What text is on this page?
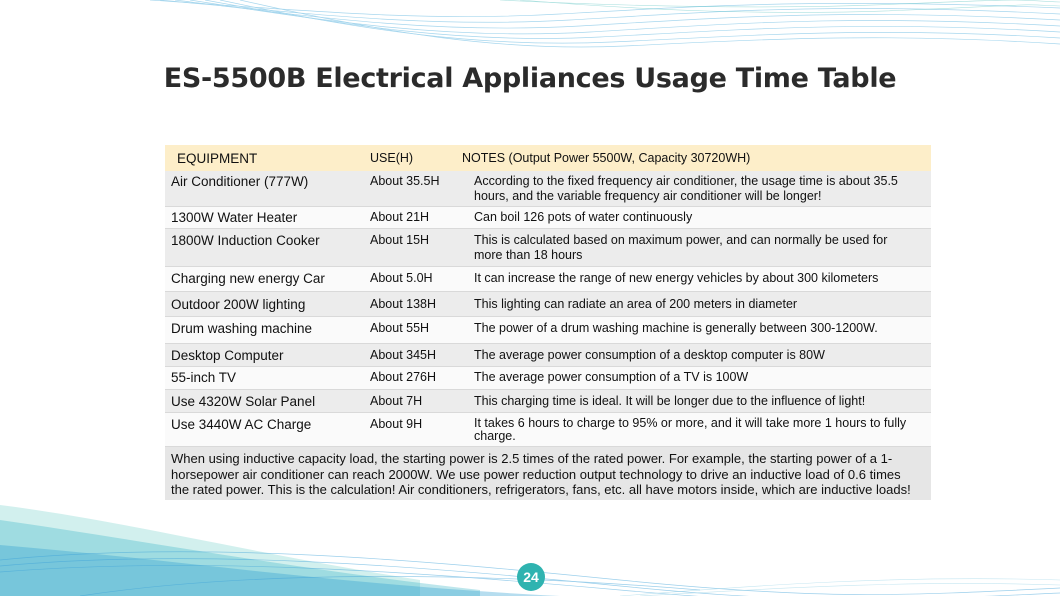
ES-5500B Electrical Appliances Usage Time Table
EQUIPMENT	USE(H)	NOTES (Output Power 5500W, Capacity 30720WH)
Air Conditioner (777W)	About 35.5H	According to the fixed frequency air conditioner, the usage time is about 35.5 hours, and the variable frequency air conditioner will be longer!
1300W Water Heater	About 21H	Can boil 126 pots of water continuously
1800W Induction Cooker	About 15H	This is calculated based on maximum power, and can normally be used for more than 18 hours
Charging new energy Car	About 5.0H	It can increase the range of new energy vehicles by about 300 kilometers
Outdoor 200W lighting	About 138H	This lighting can radiate an area of 200 meters in diameter
Drum washing machine	About 55H	The power of a drum washing machine is generally between 300-1200W.
Desktop Computer	About 345H	The average power consumption of a desktop computer is 80W
55-inch TV	About 276H	The average power consumption of a TV is 100W
Use 4320W Solar Panel	About 7H	This charging time is ideal. It will be longer due to the influence of light!
Use 3440W AC Charge	About 9H	It takes 6 hours to charge to 95% or more, and it will take more 1 hours to fully charge.
When using inductive capacity load, the starting power is 2.5 times of the rated power. For example, the starting power of a 1-horsepower air conditioner can reach 2000W. We use power reduction output technology to drive an inductive load of 0.6 times the rated power. This is the calculation! Air conditioners, refrigerators, fans, etc. all have motors inside, which are inductive loads!
24
